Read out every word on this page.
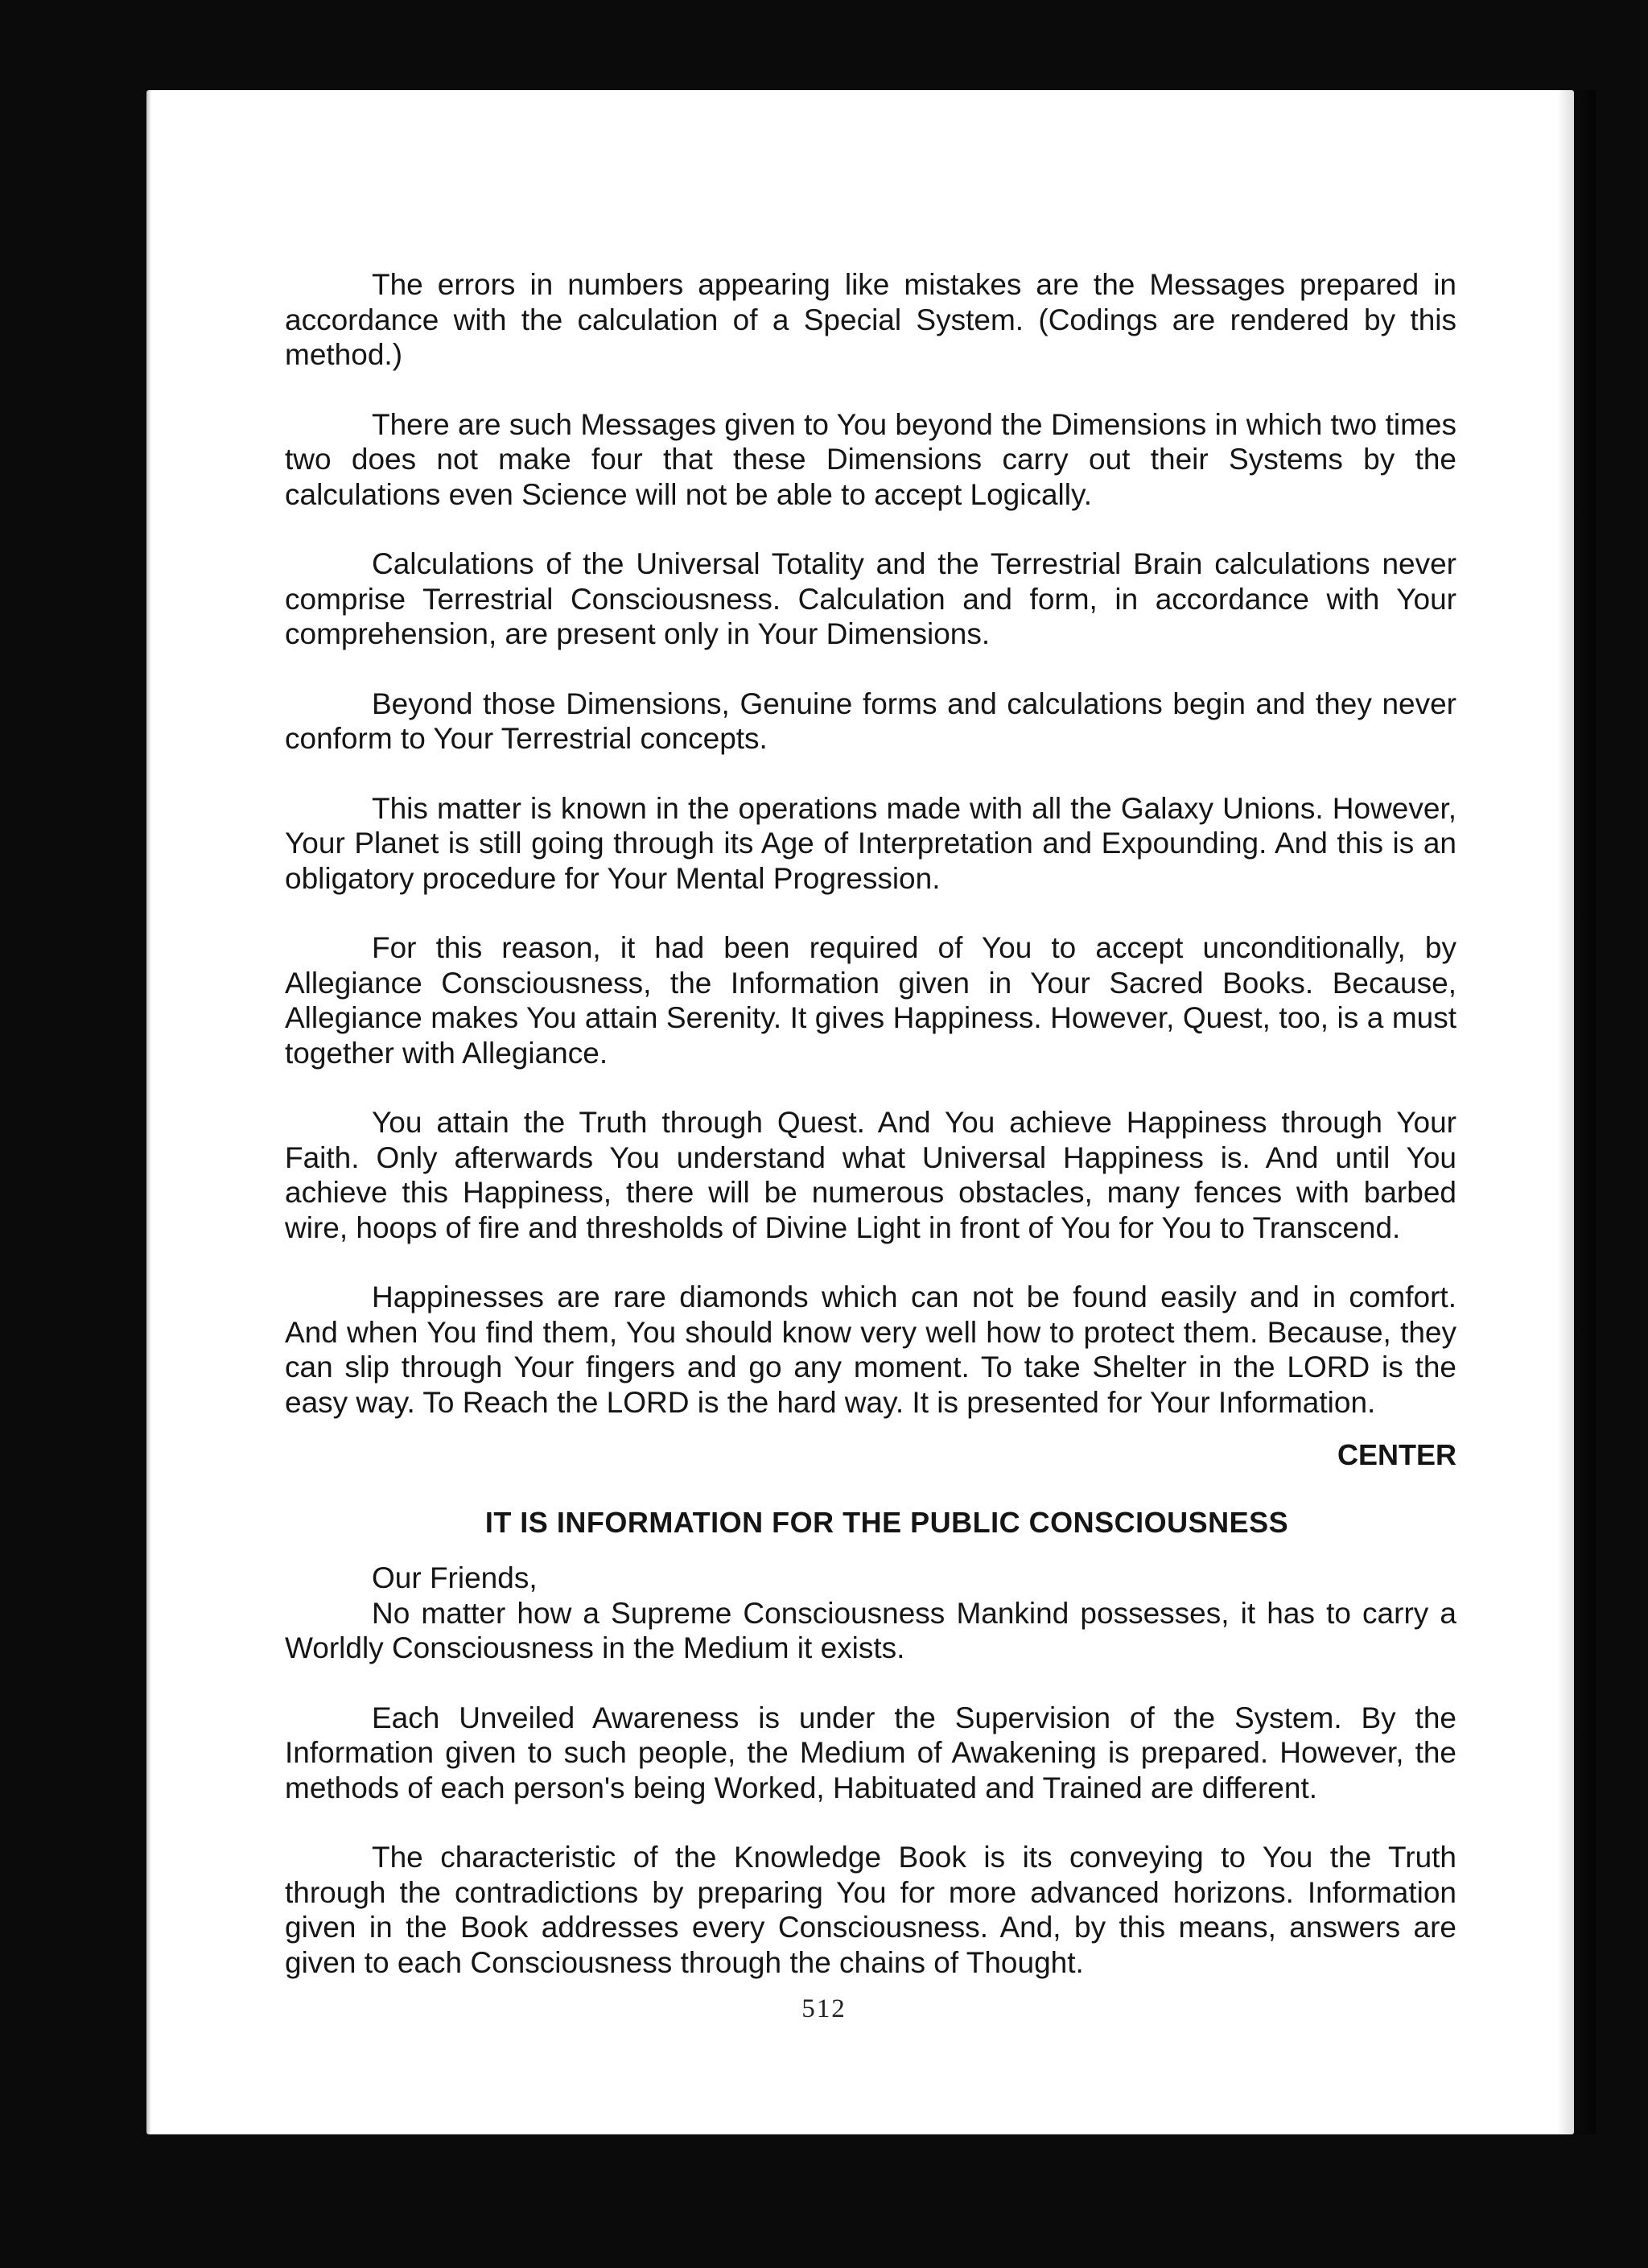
The errors in numbers appearing like mistakes are the Messages prepared in accordance with the calculation of a Special System. (Codings are rendered by this method.)

There are such Messages given to You beyond the Dimensions in which two times two does not make four that these Dimensions carry out their Systems by the calculations even Science will not be able to accept Logically.

Calculations of the Universal Totality and the Terrestrial Brain calculations never comprise Terrestrial Consciousness. Calculation and form, in accordance with Your comprehension, are present only in Your Dimensions.

Beyond those Dimensions, Genuine forms and calculations begin and they never conform to Your Terrestrial concepts.

This matter is known in the operations made with all the Galaxy Unions. However, Your Planet is still going through its Age of Interpretation and Expounding. And this is an obligatory procedure for Your Mental Progression.

For this reason, it had been required of You to accept unconditionally, by Allegiance Consciousness, the Information given in Your Sacred Books. Because, Allegiance makes You attain Serenity. It gives Happiness. However, Quest, too, is a must together with Allegiance.

You attain the Truth through Quest. And You achieve Happiness through Your Faith. Only afterwards You understand what Universal Happiness is. And until You achieve this Happiness, there will be numerous obstacles, many fences with barbed wire, hoops of fire and thresholds of Divine Light in front of You for You to Transcend.

Happinesses are rare diamonds which can not be found easily and in comfort. And when You find them, You should know very well how to protect them. Because, they can slip through Your fingers and go any moment. To take Shelter in the LORD is the easy way. To Reach the LORD is the hard way. It is presented for Your Information.

CENTER
IT IS INFORMATION FOR THE PUBLIC CONSCIOUSNESS
Our Friends,

No matter how a Supreme Consciousness Mankind possesses, it has to carry a Worldly Consciousness in the Medium it exists.

Each Unveiled Awareness is under the Supervision of the System. By the Information given to such people, the Medium of Awakening is prepared. However, the methods of each person's being Worked, Habituated and Trained are different.

The characteristic of the Knowledge Book is its conveying to You the Truth through the contradictions by preparing You for more advanced horizons. Information given in the Book addresses every Consciousness. And, by this means, answers are given to each Consciousness through the chains of Thought.

512
